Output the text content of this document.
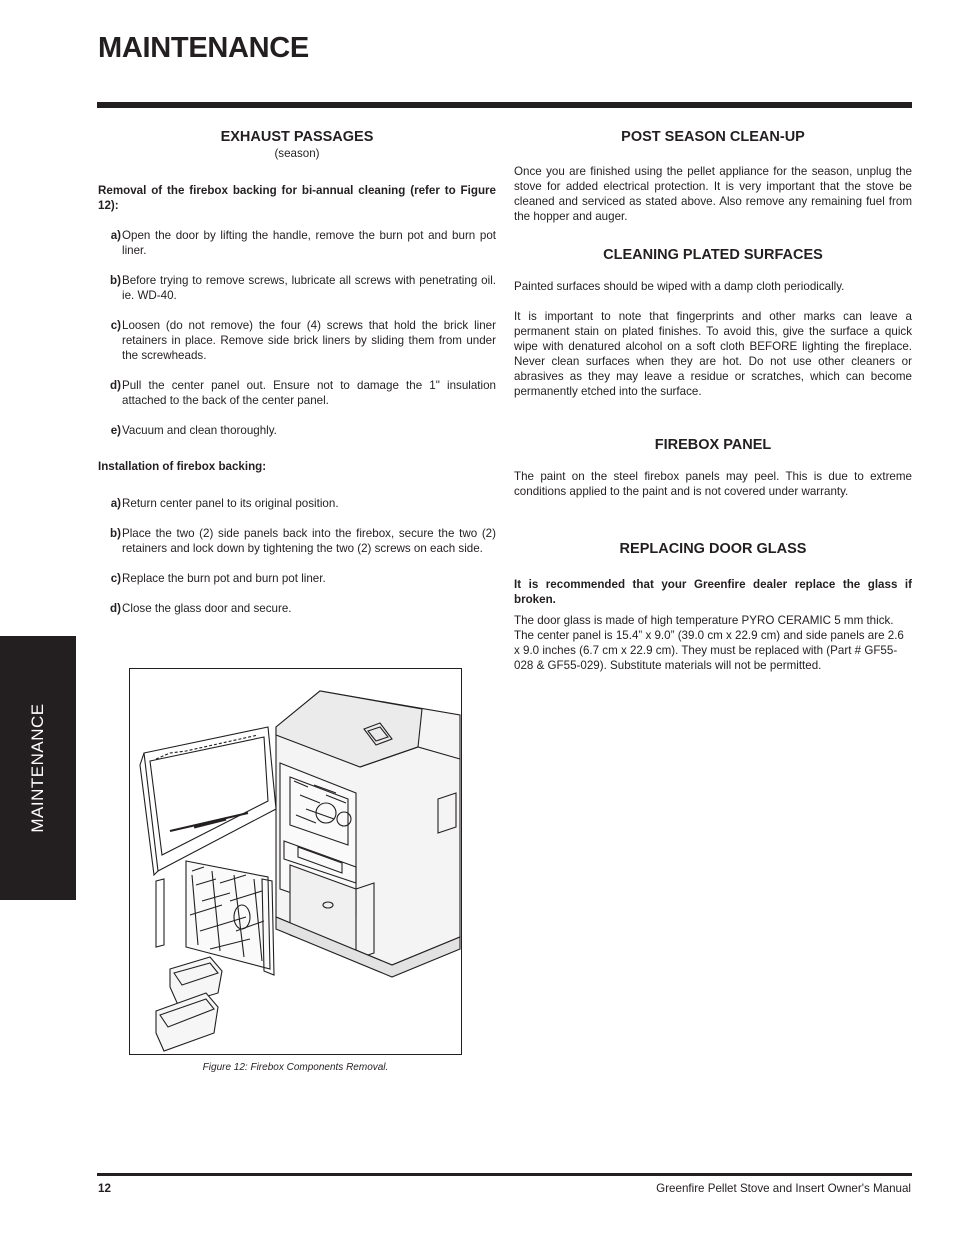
MAINTENANCE
EXHAUST PASSAGES
(season)

Removal of the firebox backing for bi-annual cleaning (refer to Figure 12):

a) Open the door by lifting the handle, remove the burn pot and burn pot liner.
b) Before trying to remove screws, lubricate all screws with penetrating oil. ie. WD-40.
c) Loosen (do not remove) the four (4) screws that hold the brick liner retainers in place. Remove side brick liners by sliding them from under the screwheads.
d) Pull the center panel out. Ensure not to damage the 1" insulation attached to the back of the center panel.
e) Vacuum and clean thoroughly.

Installation of firebox backing:

a) Return center panel to its original position.
b) Place the two (2) side panels back into the firebox, secure the two (2) retainers and lock down by tightening the two (2) screws on each side.
c) Replace the burn pot and burn pot liner.
d) Close the glass door and secure.
Figure 12: Firebox Components Removal.
POST SEASON CLEAN-UP

Once you are finished using the pellet appliance for the season, unplug the stove for added electrical protection. It is very important that the stove be cleaned and serviced as stated above. Also remove any remaining fuel from the hopper and auger.

CLEANING PLATED SURFACES

Painted surfaces should be wiped with a damp cloth periodically.

It is important to note that fingerprints and other marks can leave a permanent stain on plated finishes. To avoid this, give the surface a quick wipe with denatured alcohol on a soft cloth BEFORE lighting the fireplace. Never clean surfaces when they are hot. Do not use other cleaners or abrasives as they may leave a residue or scratches, which can become permanently etched into the surface.

FIREBOX PANEL

The paint on the steel firebox panels may peel. This is due to extreme conditions applied to the paint and is not covered under warranty.

REPLACING DOOR GLASS

It is recommended that your Greenfire dealer replace the glass if broken.

The door glass is made of high temperature PYRO CERAMIC 5 mm thick. The center panel is 15.4” x 9.0” (39.0 cm x 22.9 cm) and side panels are 2.6 x 9.0 inches (6.7 cm x 22.9 cm). They must be replaced with (Part # GF55-028 & GF55-029). Substitute materials will not be permitted.

MAINTENANCE
12	Greenfire Pellet Stove and Insert Owner's Manual
